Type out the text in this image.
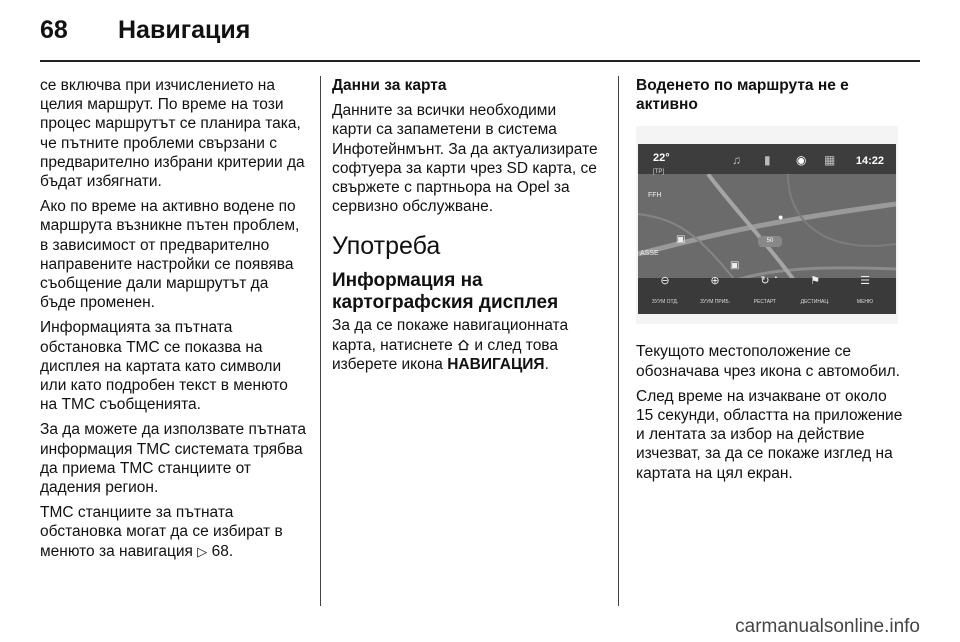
68	Навигация

се включва при изчислението на целия маршрут. По време на този процес маршрутът се планира така, че пътните проблеми свързани с предварително избрани критерии да бъдат избягнати.

Ако по време на активно водене по маршрута възникне пътен проблем, в зависимост от предварително направените настройки се появява съобщение дали маршрутът да бъде променен.

Информацията за пътната обстановка TMC се показва на дисплея на картата като символи или като подробен текст в менюто на TMC съобщенията.

За да можете да използвате пътната информация TMC системата трябва да приема TMC станциите от дадения регион.

TMC станциите за пътната обстановка могат да се избират в менюто за навигация ▷ 68.

Данни за карта

Данните за всички необходими карти са запаметени в система Инфотейнмънт. За да актуализирате софтуера за карти чрез SD карта, се свържете с партньора на Opel за сервизно обслужване.

Употреба
Информация на картографския дисплея

За да се покаже навигационната карта, натиснете и след това изберете икона НАВИГАЦИЯ.

Воденето по маршрута не е активно

22°
[TP]
♫ ▮ ◉ ▦ 14:22
FFH
ASSE
50
▣
▣
●
⊖
ЗУУМ ОТД.
⊕
ЗУУМ ПРИБ.
↻
РЕСТАРТ
⚑
ДЕСТИНАЦ.
☰
МЕНЮ

Текущото местоположение се обозначава чрез икона с автомобил.

След време на изчакване от около 15 секунди, областта на приложение и лентата за избор на действие изчезват, за да се покаже изглед на картата на цял екран.

carmanualsonline.info
